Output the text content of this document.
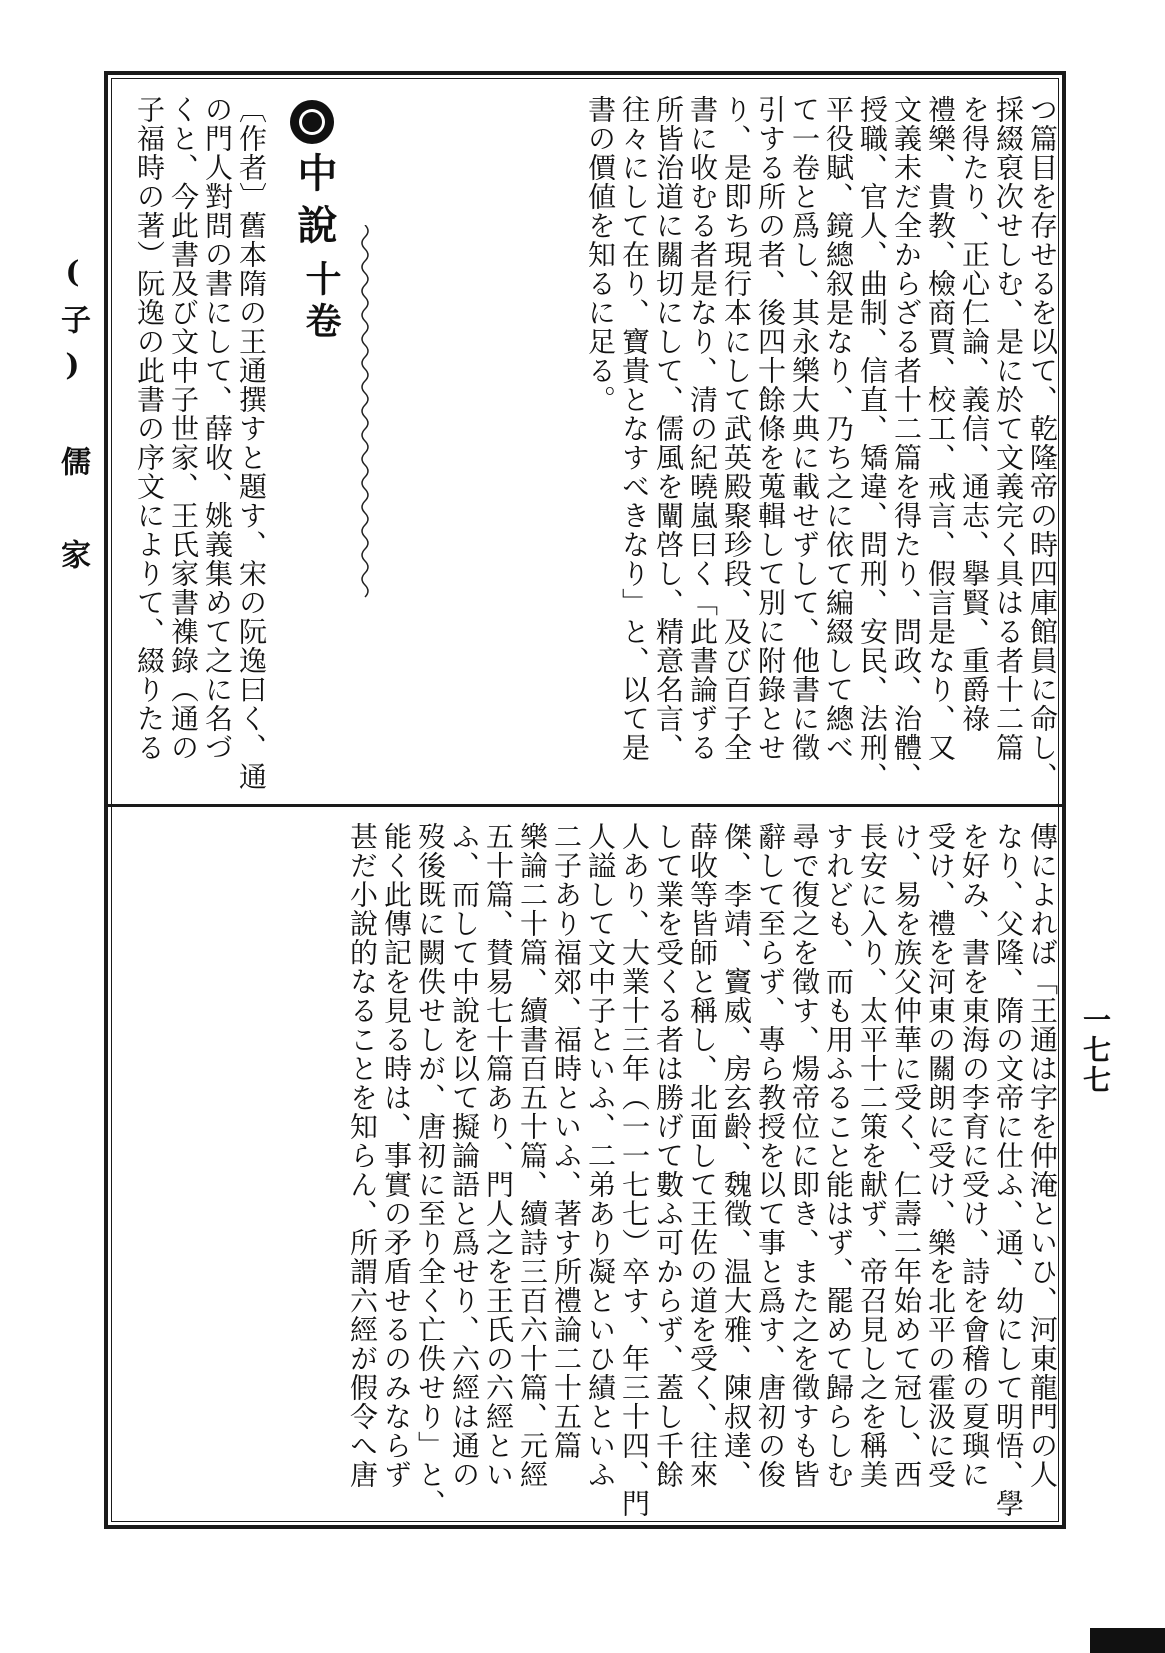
(子) 儒 家
一七七
つ篇目を存せるを以て、乾隆帝の時四庫館員に命し、
採綴裒次せしむ、是に於て文義完く具はる者十二篇
を得たり、正心仁論、義信、通志、擧賢、重爵祿
禮樂、貴教、檢商賈、校工、戒言、假言是なり、又
文義未だ全からざる者十二篇を得たり、問政、治體、
授職、官人、曲制、信直、矯違、問刑、安民、法刑、
平役賦、鏡總叙是なり、乃ち之に依て編綴して總べ
て一卷と爲し、其永樂大典に載せずして、他書に徵
引する所の者、後四十餘條を蒐輯して別に附錄とせ
り、是即ち現行本にして武英殿聚珍段、及び百子全
書に收むる者是なり、清の紀曉嵐曰く「此書論ずる
所皆治道に關切にして、儒風を闡啓し、精意名言、
往々にして在り、寶貴となすべきなり」と、以て是
書の價値を知るに足る。
中說
十卷
〔作者〕舊本隋の王通撰すと題す、宋の阮逸曰く、通
の門人對問の書にして、薛收、姚義集めて之に名づ
くと、今此書及び文中子世家、王氏家書襍錄（通の
子福時の著）阮逸の此書の序文によりて、綴りたる
傳によれば「王通は字を仲淹といひ、河東龍門の人
なり、父隆、隋の文帝に仕ふ、通、幼にして明悟、學
を好み、書を東海の李育に受け、詩を會稽の夏璵に
受け、禮を河東の關朗に受け、樂を北平の霍汲に受
け、易を族父仲華に受く、仁壽二年始めて冠し、西
長安に入り、太平十二策を献ず、帝召見し之を稱美
すれども、而も用ふること能はず、罷めて歸らしむ
尋で復之を徵す、煬帝位に即き、また之を徵すも皆
辭して至らず、專ら教授を以て事と爲す、唐初の俊
傑、李靖、竇威、房玄齡、魏徵、温大雅、陳叔達、
薛收等皆師と稱し、北面して王佐の道を受く、往來
して業を受くる者は勝げて數ふ可からず、蓋し千餘
人あり、大業十三年（一一七七）卒す、年三十四、門
人謚して文中子といふ、二弟あり凝といひ績といふ
二子あり福郊、福時といふ、著す所禮論二十五篇
樂論二十篇、續書百五十篇、續詩三百六十篇、元經
五十篇、賛易七十篇あり、門人之を王氏の六經とい
ふ、而して中說を以て擬論語と爲せり、六經は通の
歿後既に闕佚せしが、唐初に至り全く亡佚せり」と、
能く此傳記を見る時は、事實の矛盾せるのみならず
甚だ小說的なることを知らん、所謂六經が假令へ唐
